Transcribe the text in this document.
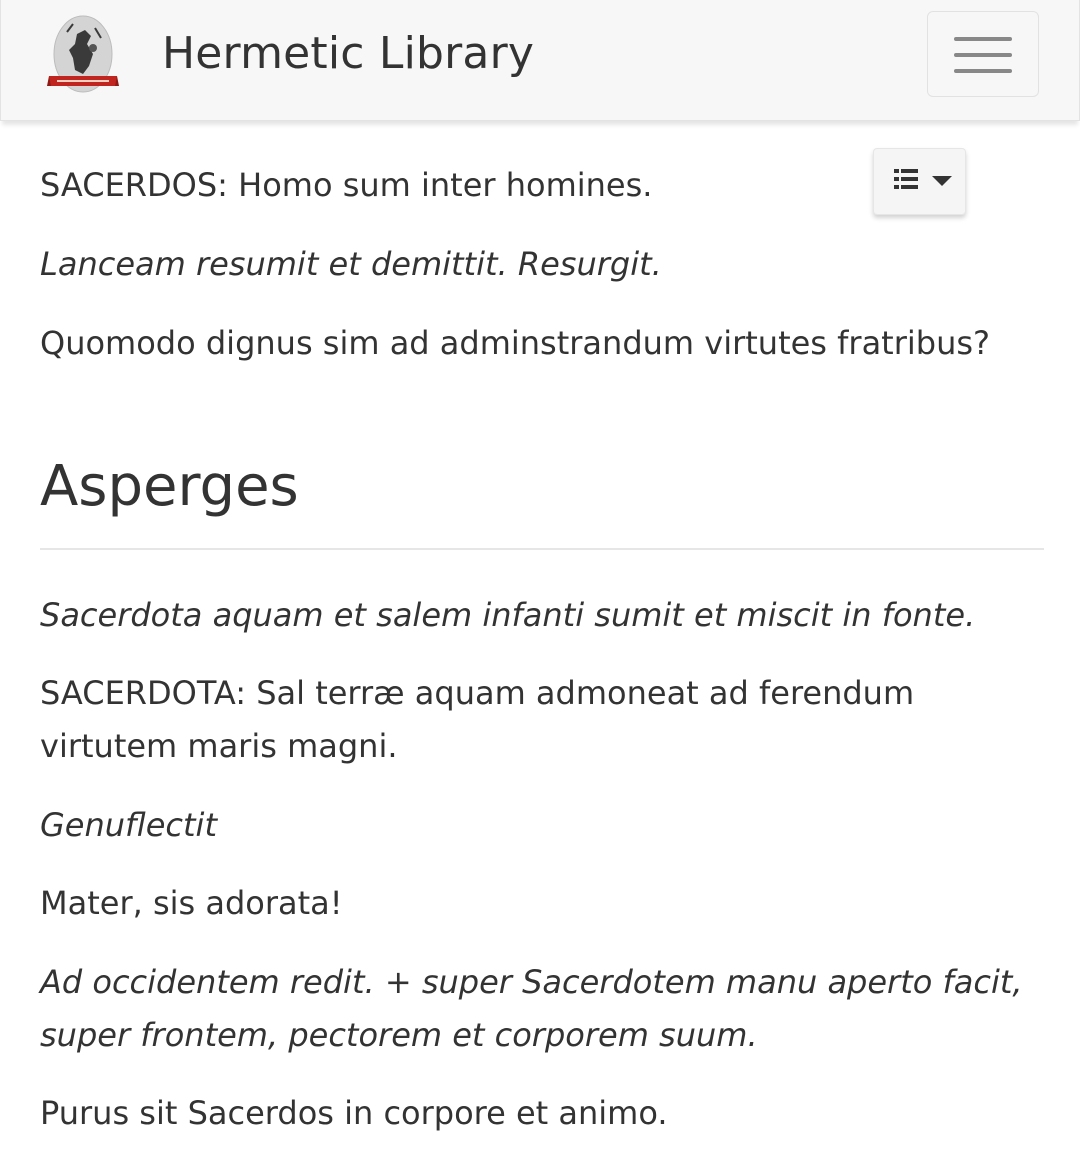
Hermetic Library

SACERDOS: Homo sum inter homines.

Lanceam resumit et demittit. Resurgit.

Quomodo dignus sim ad adminstrandum virtutes fratribus?

Asperges

Sacerdota aquam et salem infanti sumit et miscit in fonte.

SACERDOTA: Sal terræ aquam admoneat ad ferendum virtutem maris magni.

Genuflectit

Mater, sis adorata!

Ad occidentem redit. + super Sacerdotem manu aperto facit, super frontem, pectorem et corporem suum.

Purus sit Sacerdos in corpore et animo.
